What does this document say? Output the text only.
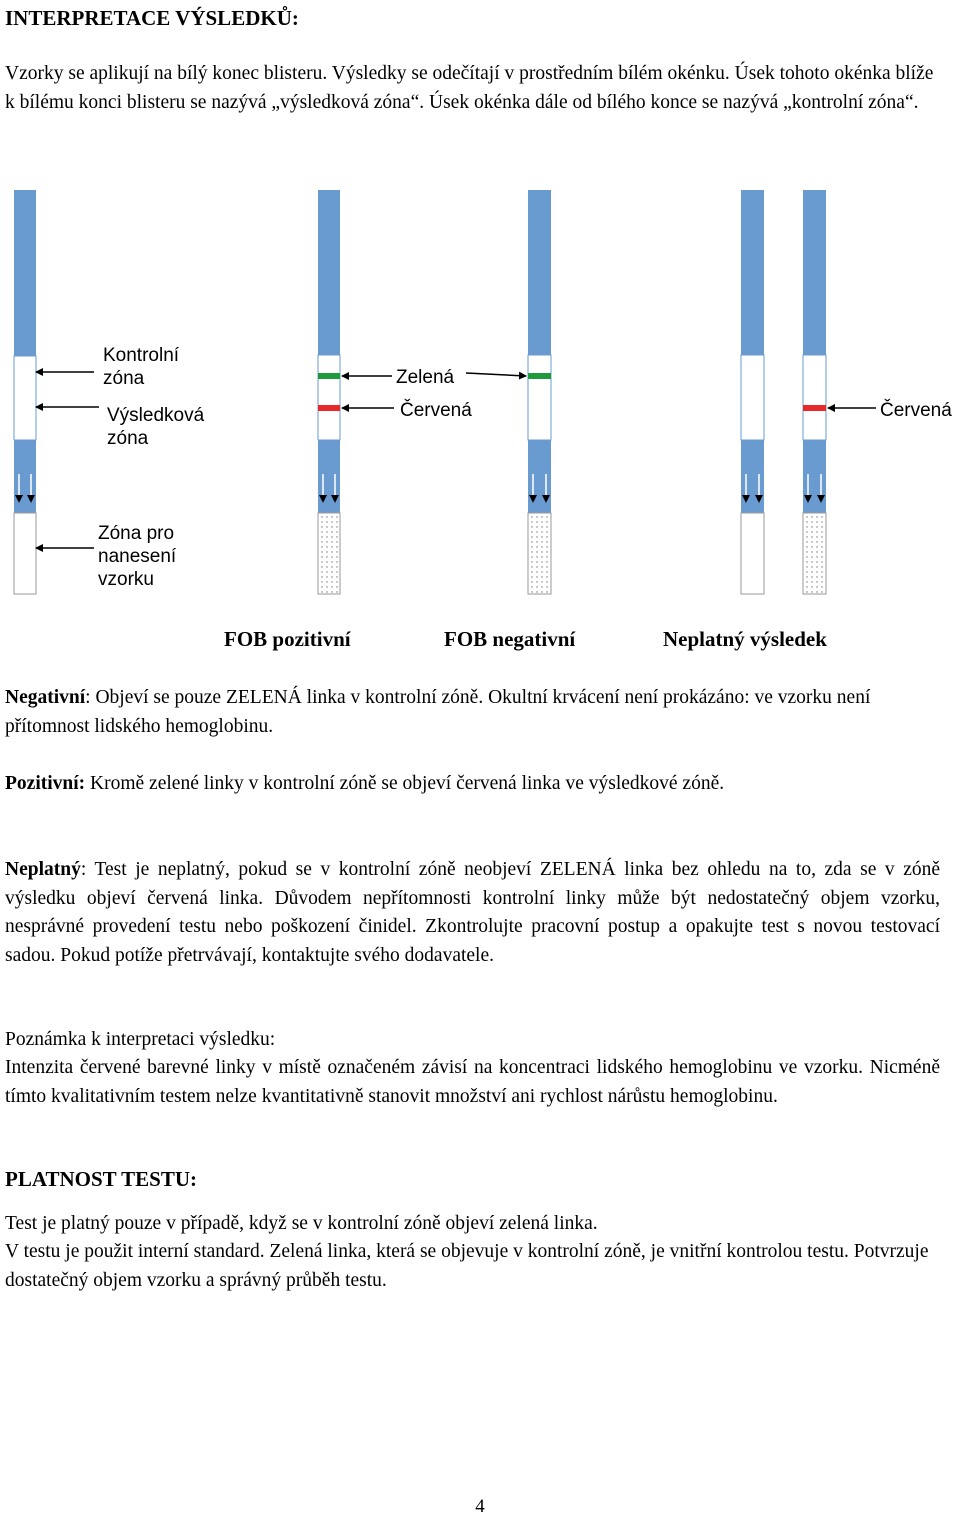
INTERPRETACE VÝSLEDKŮ:

Vzorky se aplikují na bílý konec blisteru. Výsledky se odečítají v prostředním bílém okénku. Úsek tohoto okénka blíže k bílému konci blisteru se nazývá „výsledková zóna“. Úsek okénka dále od bílého konce se nazývá „kontrolní zóna“.

Kontrolní
zóna
Výsledková
zóna
Zóna pro
nanesení
vzorku
Zelená
Červená	Červená
FOB pozitivní	FOB negativní	Neplatný výsledek

Negativní: Objeví se pouze ZELENÁ linka v kontrolní zóně. Okultní krvácení není prokázáno: ve vzorku není přítomnost lidského hemoglobinu.

Pozitivní: Kromě zelené linky v kontrolní zóně se objeví červená linka ve výsledkové zóně.

Neplatný: Test je neplatný, pokud se v kontrolní zóně neobjeví ZELENÁ linka bez ohledu na to, zda se v zóně výsledku objeví červená linka. Důvodem nepřítomnosti kontrolní linky může být nedostatečný objem vzorku, nesprávné provedení testu nebo poškození činidel. Zkontrolujte pracovní postup a opakujte test s novou testovací sadou. Pokud potíže přetrvávají, kontaktujte svého dodavatele.

Poznámka k interpretaci výsledku:

Intenzita červené barevné linky v místě označeném závisí na koncentraci lidského hemoglobinu ve vzorku. Nicméně tímto kvalitativním testem nelze kvantitativně stanovit množství ani rychlost nárůstu hemoglobinu.

PLATNOST TESTU:

Test je platný pouze v případě, když se v kontrolní zóně objeví zelená linka.

V testu je použit interní standard. Zelená linka, která se objevuje v kontrolní zóně, je vnitřní kontrolou testu. Potvrzuje dostatečný objem vzorku a správný průběh testu.

4
